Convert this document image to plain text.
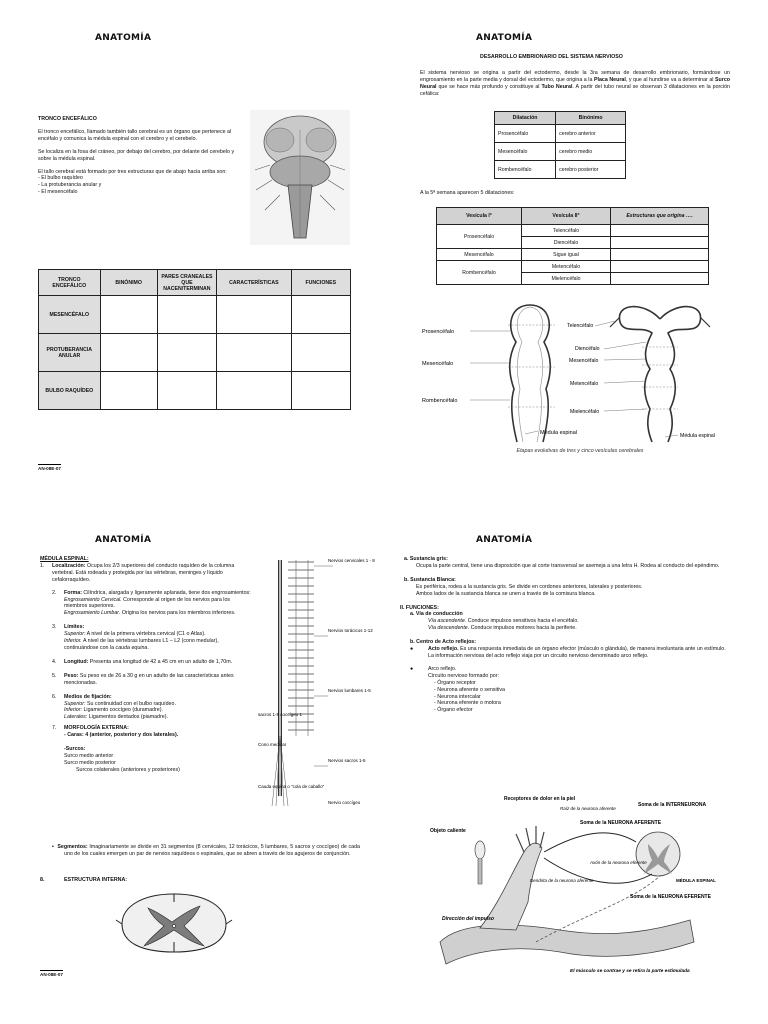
ANATOMÍA
TRONCO ENCEFÁLICO
El tronco encefálico, llamado también tallo cerebral es un órgano que pertenece al encéfalo y comunica la médula espinal con el cerebro y el cerebelo.
Se localiza en la fosa del cráneo, por debajo del cerebro, por delante del cerebelo y sobre la médula espinal.
El tallo cerebral está formado por tres estructuras que de abajo hacia arriba son:
- El bulbo raquídeo
- La protuberancia anular y
- El mesencéfalo
TRONCO ENCEFÁLICO	BINÓNIMO	PARES CRANEALES QUE NACEN/TERMINAN	CARACTERÍSTICAS	FUNCIONES
MESENCÉFALO				
PROTUBERANCIA ANULAR				
BULBO RAQUÍDEO				
AN-08E-07
ANATOMÍA
DESARROLLO EMBRIONARIO DEL SISTEMA NERVIOSO
El sistema nervioso se origina a partir del ectodermo, desde la 3ra semana de desarrollo embrionario, formándose un engrosamiento en la parte media y dorsal del ectodermo, que origina a la Placa Neural, y que al hundirse va a determinar al Surco Neural que se hace más profundo y constituye al Tubo Neural. A partir del tubo neural se observan 3 dilataciones en la porción cefálica:
Dilatación	Binónimo
Prosencéfalo	cerebro anterior
Mesencéfalo	cerebro medio
Rombencéfalo	cerebro posterior
A la 5ª semana aparecen 5 dilataciones:
Vesícula I°	Vesícula II°	Estructuras que origina ….
Prosencéfalo	Telencéfalo	
	Diencéfalo	
Mesencéfalo	Sigue igual	
Rombencéfalo	Metencéfalo	
	Mielencéfalo	
Prosencéfalo
Mesencéfalo
Rombencéfalo
Médula espinal
Telencéfalo
Diencéfalo
Mesencéfalo
Metencéfalo
Mielencéfalo
Médula espinal
Etapas evolutivas de tres y cinco vesículas cerebrales
ANATOMÍA
MÉDULA ESPINAL:
1.	Localización: Ocupa los 2/3 superiores del conducto raquídeo de la columna vertebral. Está rodeada y protegida por las vértebras, meninges y líquido cefalorraquídeo.
2.	Forma: Cilíndrica, alargada y ligeramente aplanada, tiene dos engrosamientos:
Engrosamiento Cervical. Corresponde al origen de los nervios para los miembros superiores.
Engrosamiento Lumbar. Origina los nervios para los miembros inferiores.
3.	Límites:
Superior: A nivel de la primera vértebra cervical (C1 o Atlas).
Inferior. A nivel de las vértebras lumbares L1 – L2 (cono medular), continuándose con la cauda equina.
4.	Longitud: Presenta una longitud de 42 a 45 cm en un adulto de 1,70m.
5.	Peso: Su peso es de 26 a 30 g en un adulto de las características antes mencionadas.
6.	Medios de fijación:
Superior: Su continuidad con el bulbo raquídeo.
Inferior: Ligamento coccígeo (duramadre).
Laterales: Ligamentos dentados (piamadre).
7.	MORFOLOGÍA EXTERNA:
- Caras: 4 (anterior, posterior y dos laterales).

-Surcos:
Surco medio anterior
Surco medio posterior
Surcos colaterales (anteriores y posteriores)
▪  Segmentos: Imaginariamente se divide en 31 segmentos (8 cervicales, 12 torácicos, 5 lumbares, 5 sacros y coccígeo) de cada uno de los cuales emergen un par de nervios raquídeos o espinales, que se abren a través de los agujeros de conjunción.
8.	ESTRUCTURA INTERNA:
Nervios cervicales 1 - 8
Nervios torácicos 1-12
Nervios lumbares 1-5
Nervios sacros 1-5
Cono medular
Cauda equina o "cola de caballo"
Nervio coccígeo
sacros 1-5 coccígeo 1
AN-08E-07
ANATOMÍA
a. Sustancia gris:
Ocupa la parte central, tiene una disposición que al corte transversal se asemeja a una letra H. Rodea al conducto del epéndimo.
b. Sustancia Blanca:
Es periférica, rodea a la sustancia gris. Se divide en cordones anteriores, laterales y posteriores.
Ambos lados de la sustancia blanca se unen a través de la comisura blanca.
II. FUNCIONES:
a. Vía de conducción
Vía ascendente. Conduce impulsos sensitivos hacia el encéfalo.
Vía descendente. Conduce impulsos motores hacia la periferie.
b. Centro de Acto reflejos:
●	Acto reflejo. Es una respuesta inmediata de un órgano efector (músculo o glándula), de manera involuntaria ante un estímulo. La información nerviosa del acto reflejo viaja por un circuito nervioso denominado arco reflejo.
●	Arco reflejo.
Circuito nervioso formado por:
- Órgano receptor
- Neurona aferente o sensitiva
- Neurona intercalar
- Neurona eferente o motora
- Órgano efector
Receptores de dolor en la piel
Objeto caliente
Raíz de la neurona aferente
Soma de la INTERNEURONA
Soma de la NEURONA AFERENTE
MÉDULA ESPINAL
Dendrita de la neurona aferente
Axón de la neurona eferente
Soma de la NEURONA EFERENTE
Dirección del impulso
El músculo se contrae y se retira la parte estimulada
